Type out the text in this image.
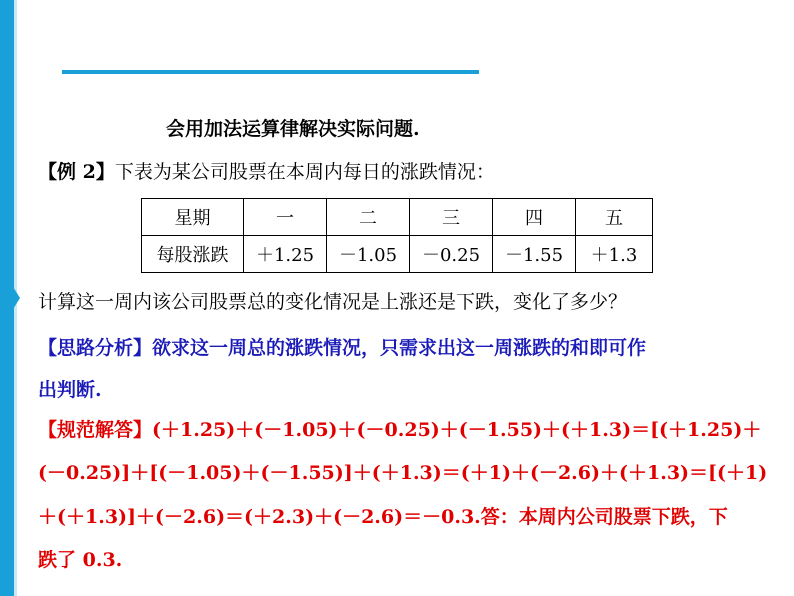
会用加法运算律解决实际问题.
【例 2】下表为某公司股票在本周内每日的涨跌情况：
星期	一	二	三	四	五
每股涨跌	＋1.25	－1.05	－0.25	－1.55	＋1.3
计算这一周内该公司股票总的变化情况是上涨还是下跌，变化了多少？
【思路分析】欲求这一周总的涨跌情况，只需求出这一周涨跌的和即可作
出判断.
【规范解答】(＋1.25)＋(－1.05)＋(－0.25)＋(－1.55)＋(＋1.3)＝[(＋1.25)＋
(－0.25)]＋[(－1.05)＋(－1.55)]＋(＋1.3)＝(＋1)＋(－2.6)＋(＋1.3)＝[(＋1)
＋(＋1.3)]＋(－2.6)＝(＋2.3)＋(－2.6)＝－0.3.答：本周内公司股票下跌，下
跌了 0.3.
